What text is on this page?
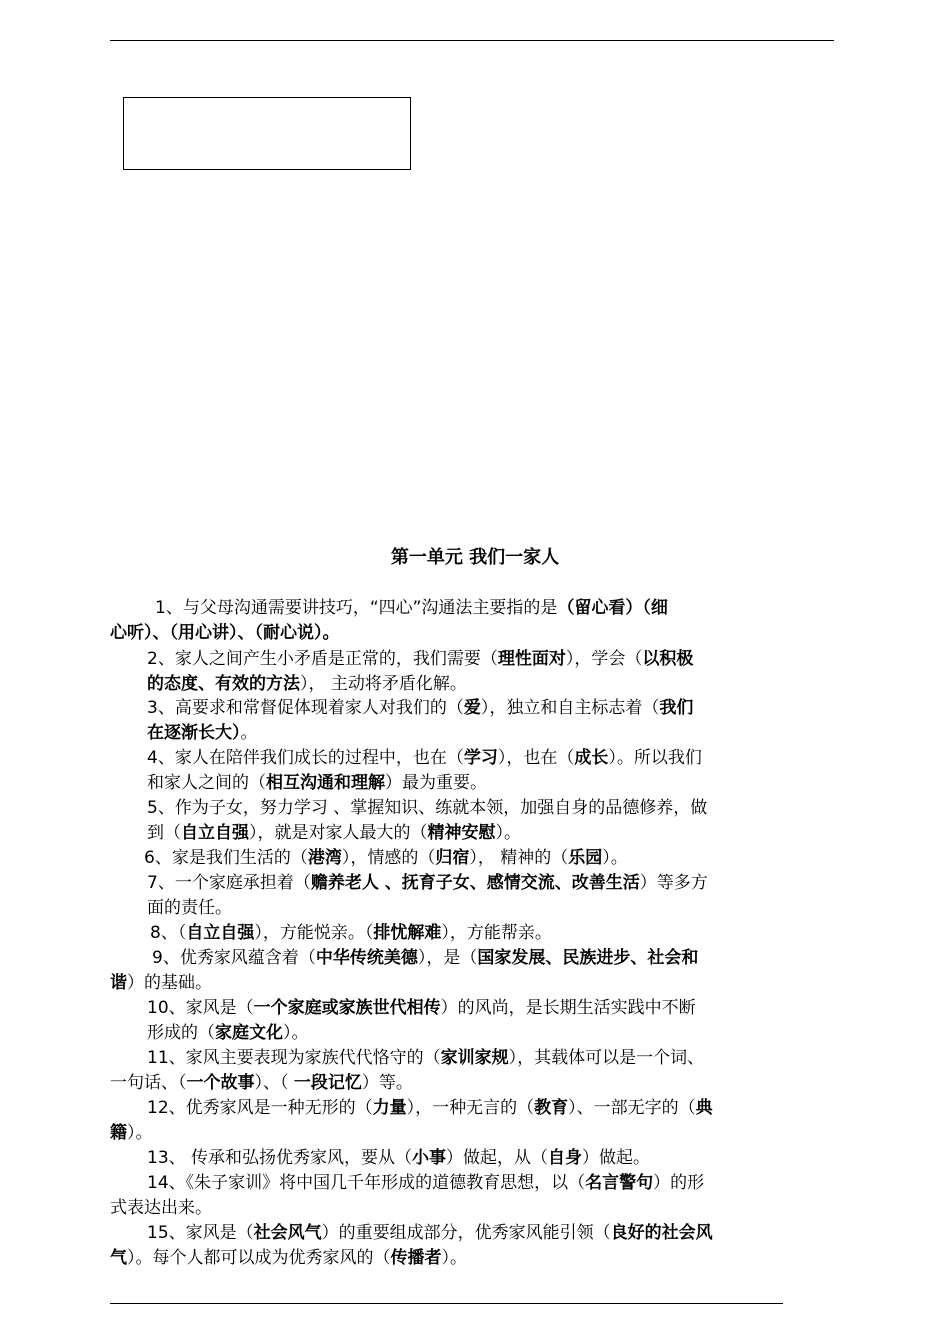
第一单元 我们一家人
1、与父母沟通需要讲技巧，“四心”沟通法主要指的是（留心看）（细
心听）、（用心讲）、（耐心说）。
2、家人之间产生小矛盾是正常的，我们需要（理性面对），学会（以积极
的态度、有效的方法）， 主动将矛盾化解。
3、高要求和常督促体现着家人对我们的（爱），独立和自主标志着（我们
在逐渐长大）。
4、家人在陪伴我们成长的过程中，也在（学习），也在（成长）。所以我们
和家人之间的（相互沟通和理解）最为重要。
5、作为子女，努力学习 、掌握知识、练就本领，加强自身的品德修养，做
到（自立自强），就是对家人最大的（精神安慰）。
6、家是我们生活的（港湾），情感的（归宿）， 精神的（乐园）。
7、一个家庭承担着（赡养老人 、抚育子女、感情交流、改善生活）等多方
面的责任。
8、（自立自强），方能悦亲。（排忧解难），方能帮亲。
9、优秀家风蕴含着（中华传统美德），是（国家发展、民族进步、社会和
谐）的基础。
10、家风是（一个家庭或家族世代相传）的风尚，是长期生活实践中不断
形成的（家庭文化）。
11、家风主要表现为家族代代恪守的（家训家规），其载体可以是一个词、
一句话、（一个故事）、（ 一段记忆）等。
12、优秀家风是一种无形的（力量），一种无言的（教育）、一部无字的（典
籍）。
13、 传承和弘扬优秀家风，要从（小事）做起，从（自身）做起。
14、《朱子家训》将中国几千年形成的道德教育思想，以（名言警句）的形
式表达出来。
15、家风是（社会风气）的重要组成部分，优秀家风能引领（良好的社会风
气）。每个人都可以成为优秀家风的（传播者）。
